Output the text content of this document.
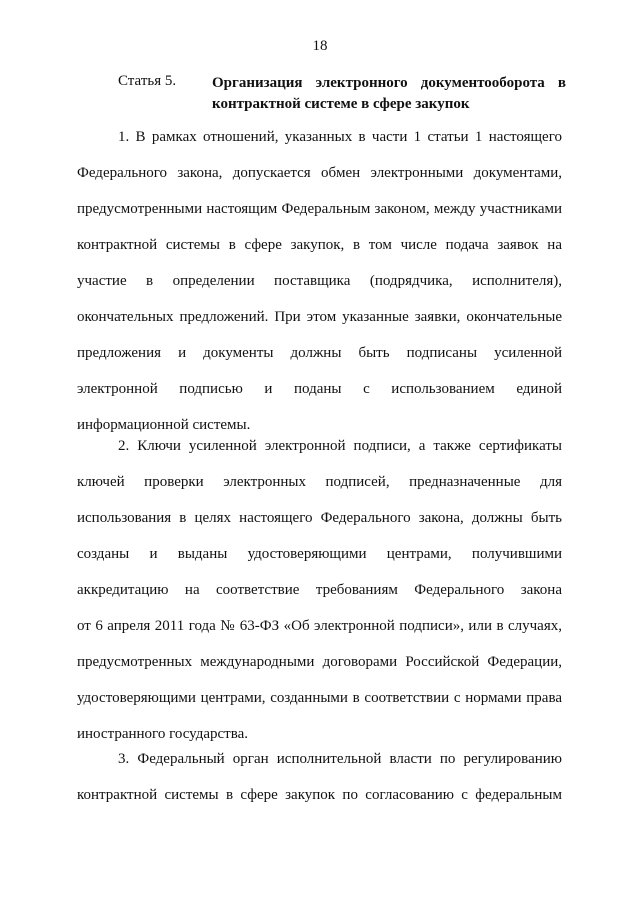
18
Статья 5. Организация электронного документооборота в
контрактной системе в сфере закупок
1. В рамках отношений, указанных в части 1 статьи 1 настоящего
Федерального закона, допускается обмен электронными документами,
предусмотренными настоящим Федеральным законом, между участниками
контрактной системы в сфере закупок, в том числе подача заявок на
участие в определении поставщика (подрядчика, исполнителя),
окончательных предложений. При этом указанные заявки, окончательные
предложения и документы должны быть подписаны усиленной
электронной подписью и поданы с использованием единой
информационной системы.
2. Ключи усиленной электронной подписи, а также сертификаты
ключей проверки электронных подписей, предназначенные для
использования в целях настоящего Федерального закона, должны быть
созданы и выданы удостоверяющими центрами, получившими
аккредитацию на соответствие требованиям Федерального закона
от 6 апреля 2011 года № 63-ФЗ «Об электронной подписи», или в случаях,
предусмотренных международными договорами Российской Федерации,
удостоверяющими центрами, созданными в соответствии с нормами права
иностранного государства.
3. Федеральный орган исполнительной власти по регулированию
контрактной системы в сфере закупок по согласованию с федеральным
